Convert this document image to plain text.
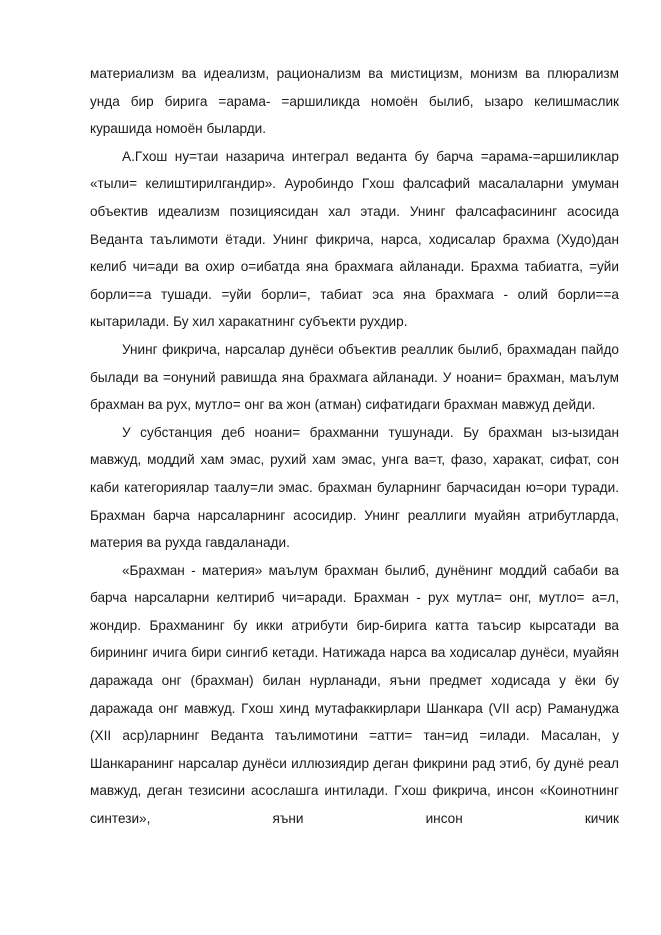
материализм ва идеализм, рационализм ва мистицизм, монизм ва плюрализм унда бир бирига =арама- =аршиликда номоён былиб, ызаро келишмаслик курашида номоён быларди.

А.Гхош ну=таи назарича интеграл веданта бу барча =арама-=аршиликлар «тыли= келиштирилгандир». Ауробиндо Гхош фалсафий масалаларни умуман объектив идеализм позициясидан хал этади. Унинг фалсафасининг асосида Веданта таълимоти ётади. Унинг фикрича, нарса, ходисалар брахма (Худо)дан келиб чи=ади ва охир о=ибатда яна брахмага айланади. Брахма табиатга, =уйи борли==а тушади. =уйи борли=, табиат эса яна брахмага - олий борли==а кытарилади. Бу хил харакатнинг субъекти рухдир.

Унинг фикрича, нарсалар дунёси объектив реаллик былиб, брахмадан пайдо былади ва =онуний равишда яна брахмага айланади. У ноани= брахман, маълум брахман ва рух, мутло= онг ва жон (атман) сифатидаги брахман мавжуд дейди.

У субстанция деб ноани= брахманни тушунади. Бу брахман ыз-ызидан мавжуд, моддий хам эмас, рухий хам эмас, унга ва=т, фазо, харакат, сифат, сон каби категориялар таалу=ли эмас. брахман буларнинг барчасидан ю=ори туради. Брахман барча нарсаларнинг асосидир. Унинг реаллиги муайян атрибутларда, материя ва рухда гавдаланади.

«Брахман - материя» маълум брахман былиб, дунёнинг моддий сабаби ва барча нарсаларни келтириб чи=аради. Брахман - рух мутла= онг, мутло= а=л, жондир. Брахманинг бу икки атрибути бир-бирига катта таъсир кырсатади ва бирининг ичига бири сингиб кетади. Натижада нарса ва ходисалар дунёси, муайян даражада онг (брахман) билан нурланади, яъни предмет ходисада у ёки бу даражада онг мавжуд. Гхош хинд мутафаккирлари Шанкара (VII аср) Рамануджа (XII аср)ларнинг Веданта таълимотини =атти= тан=ид =илади. Масалан, у Шанкаранинг нарсалар дунёси иллюзиядир деган фикрини рад этиб, бу дунё реал мавжуд, деган тезисини асослашга интилади. Гхош фикрича, инсон «Коинотнинг синтези», яъни инсон кичик
